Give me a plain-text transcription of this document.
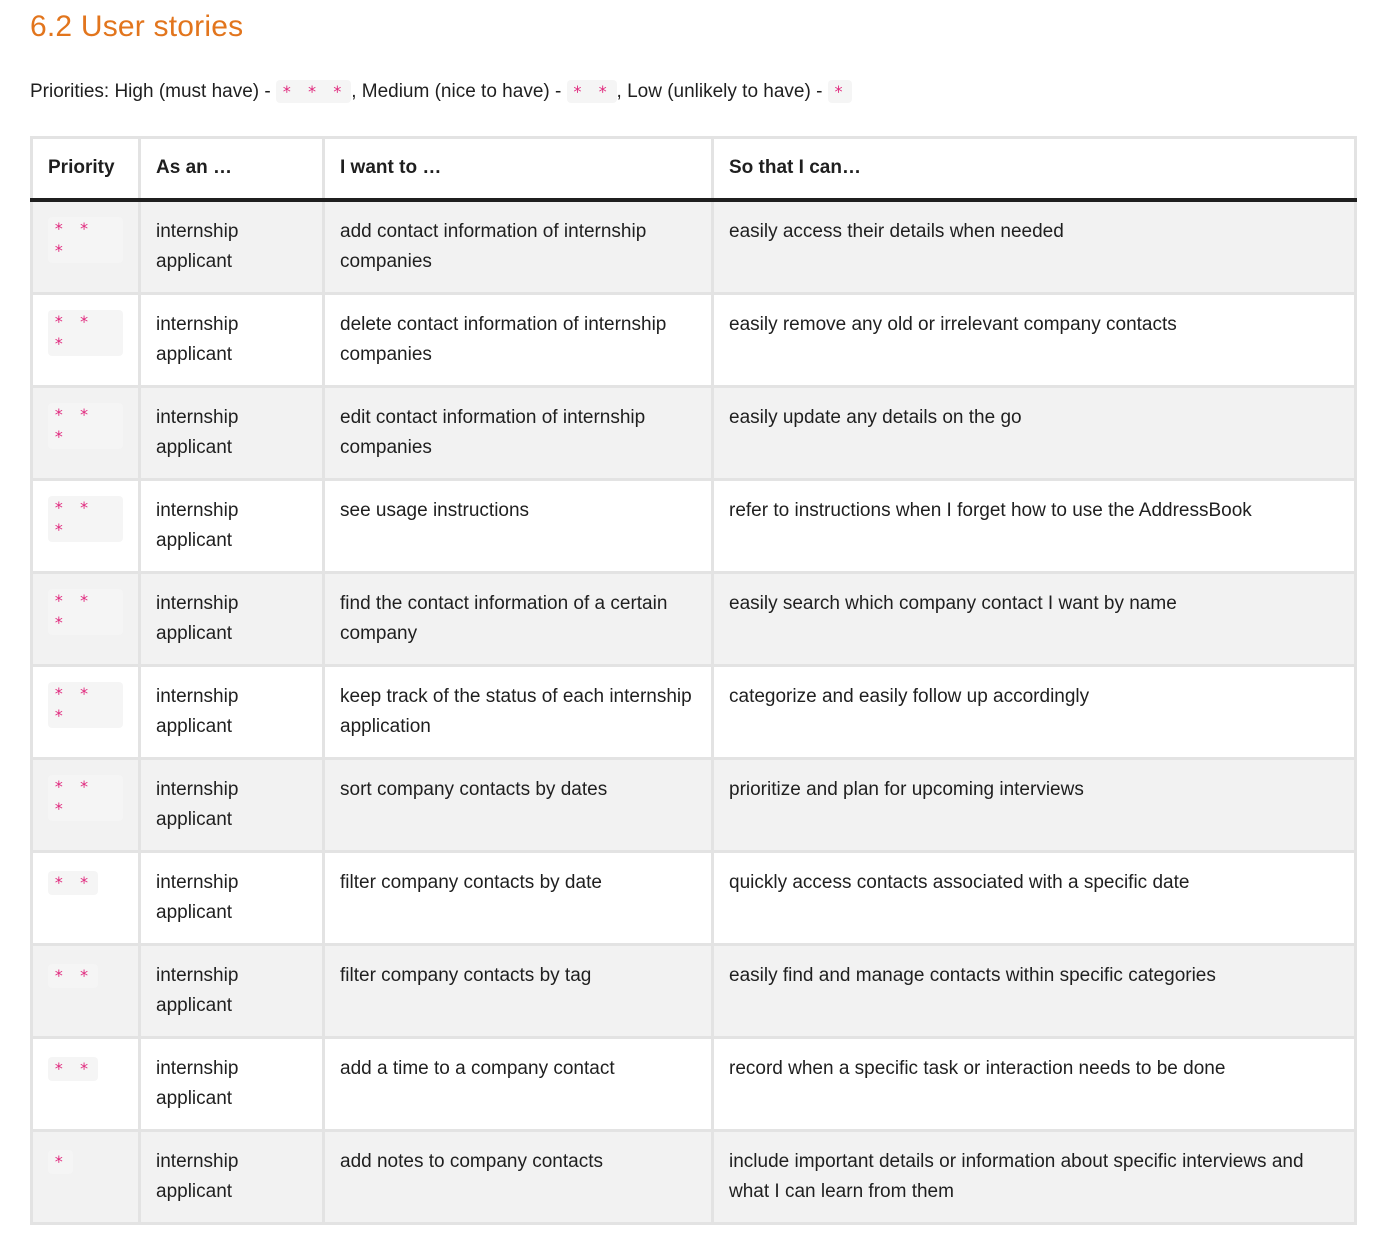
6.2 User stories

Priorities: High (must have) - * * * , Medium (nice to have) - * * , Low (unlikely to have) - *

Priority	As an …	I want to …	So that I can…
* * *	internship applicant	add contact information of internship companies	easily access their details when needed
* * *	internship applicant	delete contact information of internship companies	easily remove any old or irrelevant company contacts
* * *	internship applicant	edit contact information of internship companies	easily update any details on the go
* * *	internship applicant	see usage instructions	refer to instructions when I forget how to use the AddressBook
* * *	internship applicant	find the contact information of a certain company	easily search which company contact I want by name
* * *	internship applicant	keep track of the status of each internship application	categorize and easily follow up accordingly
* * *	internship applicant	sort company contacts by dates	prioritize and plan for upcoming interviews
* *	internship applicant	filter company contacts by date	quickly access contacts associated with a specific date
* *	internship applicant	filter company contacts by tag	easily find and manage contacts within specific categories
* *	internship applicant	add a time to a company contact	record when a specific task or interaction needs to be done
*	internship applicant	add notes to company contacts	include important details or information about specific interviews and what I can learn from them
